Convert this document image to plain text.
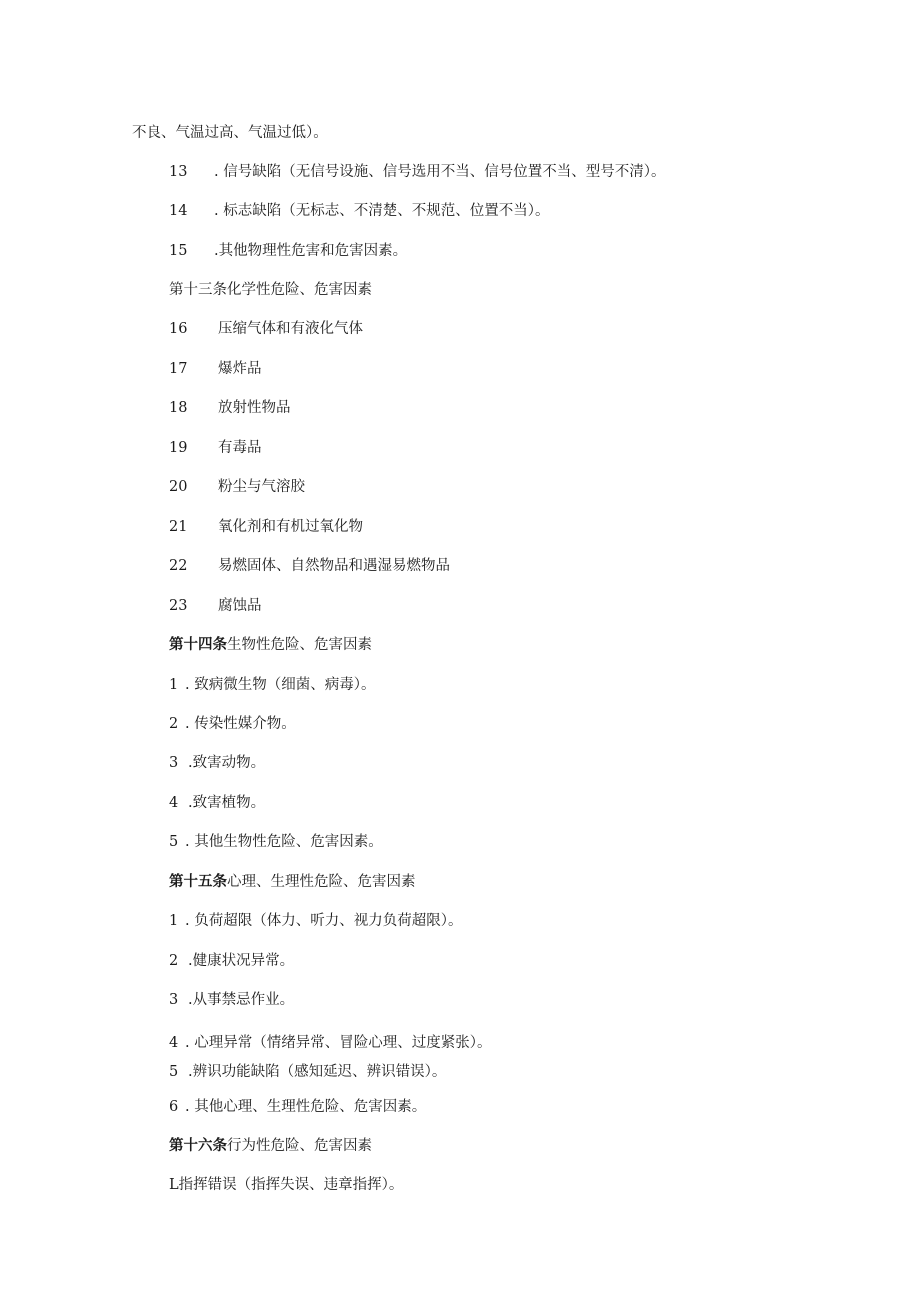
不良、气温过高、气温过低）。
13 . 信号缺陷（无信号设施、信号选用不当、信号位置不当、型号不清）。
14 . 标志缺陷（无标志、不清楚、不规范、位置不当）。
15 .其他物理性危害和危害因素。
第十三条化学性危险、危害因素
16 压缩气体和有液化气体
17 爆炸品
18 放射性物品
19 有毒品
20 粉尘与气溶胶
21 氧化剂和有机过氧化物
22 易燃固体、自然物品和遇湿易燃物品
23 腐蚀品
第十四条生物性危险、危害因素
1 . 致病微生物（细菌、病毒）。
2 . 传染性媒介物。
3 .致害动物。
4 .致害植物。
5 . 其他生物性危险、危害因素。
第十五条心理、生理性危险、危害因素
1 . 负荷超限（体力、听力、视力负荷超限）。
2 .健康状况异常。
3 .从事禁忌作业。
4 . 心理异常（情绪异常、冒险心理、过度紧张）。
5 .辨识功能缺陷（感知延迟、辨识错误）。
6 . 其他心理、生理性危险、危害因素。
第十六条行为性危险、危害因素
L指挥错误（指挥失误、违章指挥）。
